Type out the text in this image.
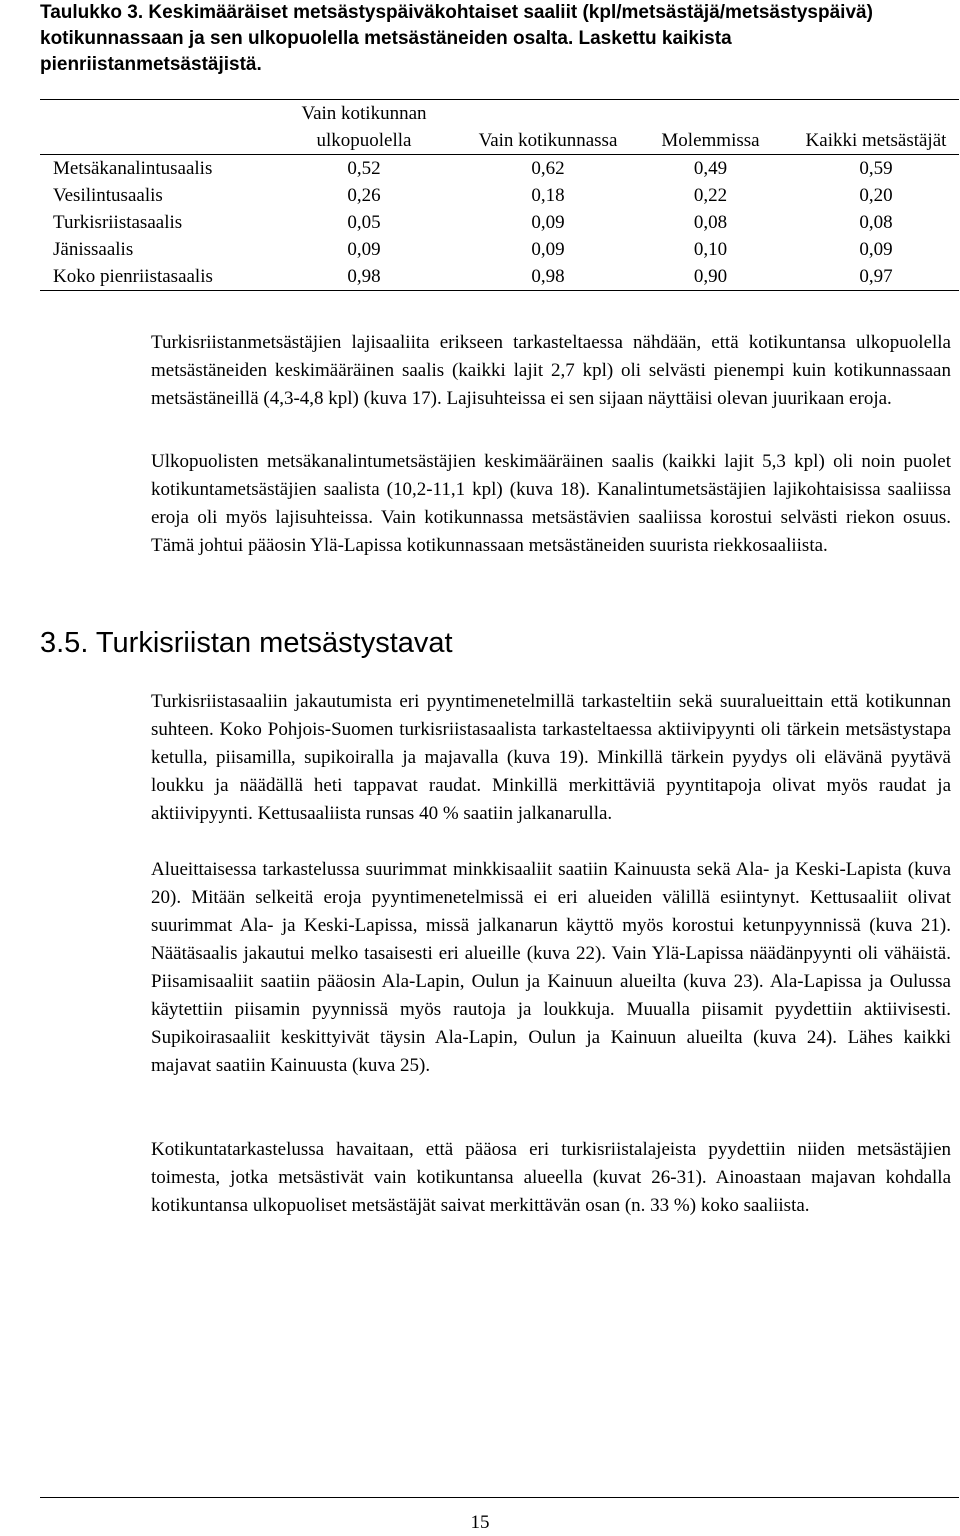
Taulukko 3. Keskimääräiset metsästyspäiväkohtaiset saaliit (kpl/metsästäjä/metsästyspäivä) kotikunnassaan ja sen ulkopuolella metsästäneiden osalta. Laskettu kaikista pienriistanmetsästäjistä.

	Vain kotikunnan ulkopuolella	Vain kotikunnassa	Molemmissa	Kaikki metsästäjät
Metsäkanalintusaalis	0,52	0,62	0,49	0,59
Vesilintusaalis	0,26	0,18	0,22	0,20
Turkisriistasaalis	0,05	0,09	0,08	0,08
Jänissaalis	0,09	0,09	0,10	0,09
Koko pienriistasaalis	0,98	0,98	0,90	0,97

Turkisriistanmetsästäjien lajisaaliita erikseen tarkasteltaessa nähdään, että kotikuntansa ulkopuolella metsästäneiden keskimääräinen saalis (kaikki lajit 2,7 kpl) oli selvästi pienempi kuin kotikunnassaan metsästäneillä (4,3-4,8 kpl) (kuva 17). Lajisuhteissa ei sen sijaan näyttäisi olevan juurikaan eroja.

Ulkopuolisten metsäkanalintumetsästäjien keskimääräinen saalis (kaikki lajit 5,3 kpl) oli noin puolet kotikuntametsästäjien saalista (10,2-11,1 kpl) (kuva 18). Kanalintumetsästäjien lajikohtaisissa saaliissa eroja oli myös lajisuhteissa. Vain kotikunnassa metsästävien saaliissa korostui selvästi riekon osuus. Tämä johtui pääosin Ylä-Lapissa kotikunnassaan metsästäneiden suurista riekkosaaliista.

3.5. Turkisriistan metsästystavat

Turkisriistasaaliin jakautumista eri pyyntimenetelmillä tarkasteltiin sekä suuralueittain että kotikunnan suhteen. Koko Pohjois-Suomen turkisriistasaalista tarkasteltaessa aktiivipyynti oli tärkein metsästystapa ketulla, piisamilla, supikoiralla ja majavalla (kuva 19). Minkillä tärkein pyydys oli elävänä pyytävä loukku ja näädällä heti tappavat raudat. Minkillä merkittäviä pyyntitapoja olivat myös raudat ja aktiivipyynti. Kettusaaliista runsas 40 % saatiin jalkanarulla.

Alueittaisessa tarkastelussa suurimmat minkkisaaliit saatiin Kainuusta sekä Ala- ja Keski-Lapista (kuva 20). Mitään selkeitä eroja pyyntimenetelmissä ei eri alueiden välillä esiintynyt. Kettusaaliit olivat suurimmat Ala- ja Keski-Lapissa, missä jalkanarun käyttö myös korostui ketunpyynnissä (kuva 21). Näätäsaalis jakautui melko tasaisesti eri alueille (kuva 22). Vain Ylä-Lapissa näädänpyynti oli vähäistä. Piisamisaaliit saatiin pääosin Ala-Lapin, Oulun ja Kainuun alueilta (kuva 23). Ala-Lapissa ja Oulussa käytettiin piisamin pyynnissä myös rautoja ja loukkuja. Muualla piisamit pyydettiin aktiivisesti. Supikoirasaaliit keskittyivät täysin Ala-Lapin, Oulun ja Kainuun alueilta (kuva 24). Lähes kaikki majavat saatiin Kainuusta (kuva 25).

Kotikuntatarkastelussa havaitaan, että pääosa eri turkisriistalajeista pyydettiin niiden metsästäjien toimesta, jotka metsästivät vain kotikuntansa alueella (kuvat 26-31). Ainoastaan majavan kohdalla kotikuntansa ulkopuoliset metsästäjät saivat merkittävän osan (n. 33 %) koko saaliista.

15
